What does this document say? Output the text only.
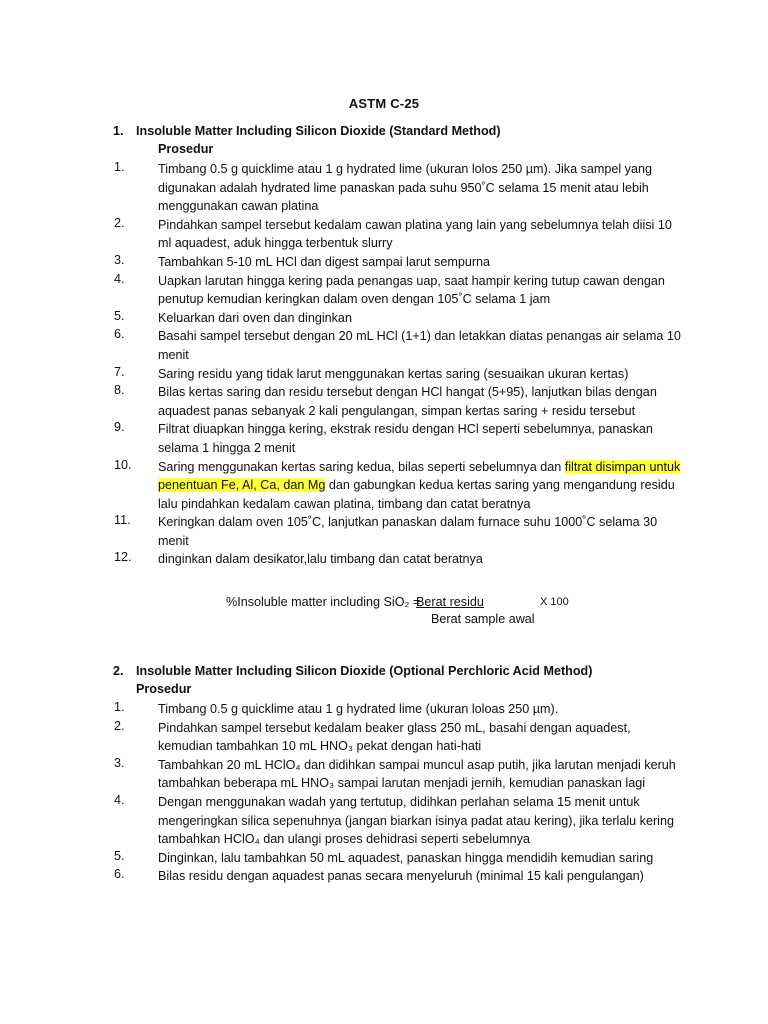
ASTM C-25
1. Insoluble Matter Including Silicon Dioxide (Standard Method)
Prosedur
1.	Timbang 0.5 g quicklime atau 1 g hydrated lime (ukuran lolos 250 µm). Jika sampel yang digunakan adalah hydrated lime panaskan pada suhu 950˚C selama 15 menit atau lebih menggunakan cawan platina
2.	Pindahkan sampel tersebut kedalam cawan platina yang lain yang sebelumnya telah diisi 10 ml aquadest, aduk hingga terbentuk slurry
3.	Tambahkan 5-10 mL HCl dan digest sampai larut sempurna
4.	Uapkan larutan hingga kering pada penangas uap, saat hampir kering tutup cawan dengan penutup kemudian keringkan dalam oven dengan 105˚C selama 1 jam
5.	Keluarkan dari oven dan dinginkan
6.	Basahi sampel tersebut dengan 20 mL HCl (1+1) dan letakkan diatas penangas air selama 10 menit
7.	Saring residu yang tidak larut menggunakan kertas saring (sesuaikan ukuran kertas)
8.	Bilas kertas saring dan residu tersebut dengan HCl hangat (5+95), lanjutkan bilas dengan aquadest panas sebanyak 2 kali pengulangan, simpan kertas saring + residu tersebut
9.	Filtrat diuapkan hingga kering, ekstrak residu dengan HCl seperti sebelumnya, panaskan selama 1 hingga 2 menit
10.	Saring menggunakan kertas saring kedua, bilas seperti sebelumnya dan filtrat disimpan untuk penentuan Fe, Al, Ca, dan Mg dan gabungkan kedua kertas saring yang mengandung residu lalu pindahkan kedalam cawan platina, timbang dan catat beratnya
11.	Keringkan dalam oven 105˚C, lanjutkan panaskan dalam furnace suhu 1000˚C selama 30 menit
12.	dinginkan dalam desikator,lalu timbang dan catat beratnya
%Insoluble matter including SiO₂ =
Berat residu	X 100
Berat sample awal
2. Insoluble Matter Including Silicon Dioxide (Optional Perchloric Acid Method)
Prosedur
1.	Timbang 0.5 g quicklime atau 1 g hydrated lime (ukuran loloas 250 µm).
2.	Pindahkan sampel tersebut kedalam beaker glass 250 mL, basahi dengan aquadest, kemudian tambahkan 10 mL HNO₃ pekat dengan hati-hati
3.	Tambahkan 20 mL HClO₄ dan didihkan sampai muncul asap putih, jika larutan menjadi keruh tambahkan beberapa mL HNO₃ sampai larutan menjadi jernih, kemudian panaskan lagi
4.	Dengan menggunakan wadah yang tertutup, didihkan perlahan selama 15 menit untuk mengeringkan silica sepenuhnya (jangan biarkan isinya padat atau kering), jika terlalu kering tambahkan HClO₄ dan ulangi proses dehidrasi seperti sebelumnya
5.	Dinginkan, lalu tambahkan 50 mL aquadest, panaskan hingga mendidih kemudian saring
6.	Bilas residu dengan aquadest panas secara menyeluruh (minimal 15 kali pengulangan)
